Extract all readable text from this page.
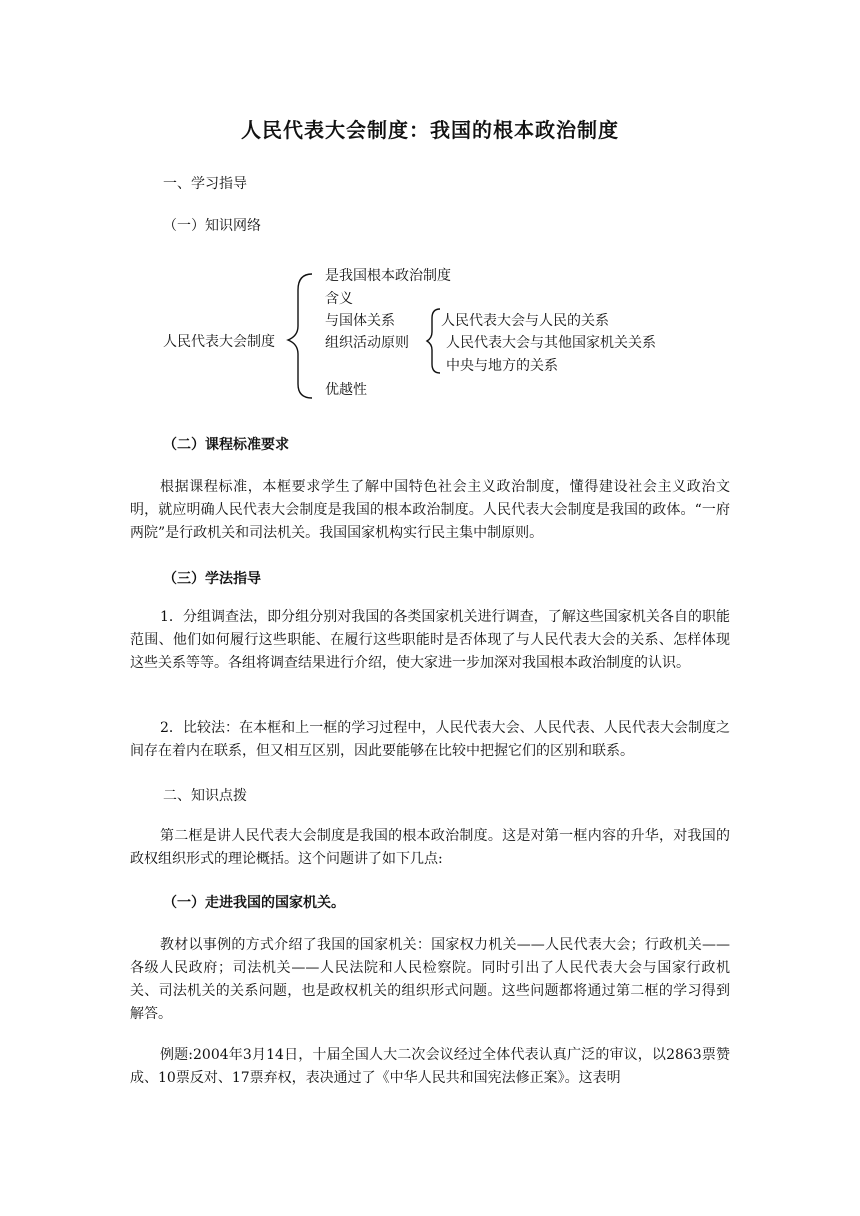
人民代表大会制度：我国的根本政治制度
一、学习指导
（一）知识网络
人民代表大会制度
是我国根本政治制度
含义
与国体关系
组织活动原则
优越性
人民代表大会与人民的关系
人民代表大会与其他国家机关关系
中央与地方的关系
（二）课程标准要求

根据课程标准，本框要求学生了解中国特色社会主义政治制度，懂得建设社会主义政治文明，就应明确人民代表大会制度是我国的根本政治制度。人民代表大会制度是我国的政体。“一府两院”是行政机关和司法机关。我国国家机构实行民主集中制原则。

（三）学法指导

1．分组调查法，即分组分别对我国的各类国家机关进行调查，了解这些国家机关各自的职能范围、他们如何履行这些职能、在履行这些职能时是否体现了与人民代表大会的关系、怎样体现这些关系等等。各组将调查结果进行介绍，使大家进一步加深对我国根本政治制度的认识。

2．比较法：在本框和上一框的学习过程中，人民代表大会、人民代表、人民代表大会制度之间存在着内在联系，但又相互区别，因此要能够在比较中把握它们的区别和联系。

二、知识点拨

第二框是讲人民代表大会制度是我国的根本政治制度。这是对第一框内容的升华，对我国的政权组织形式的理论概括。这个问题讲了如下几点:

（一）走进我国的国家机关。

教材以事例的方式介绍了我国的国家机关：国家权力机关——人民代表大会；行政机关——各级人民政府；司法机关——人民法院和人民检察院。同时引出了人民代表大会与国家行政机关、司法机关的关系问题，也是政权机关的组织形式问题。这些问题都将通过第二框的学习得到解答。

例题:2004年3月14日，十届全国人大二次会议经过全体代表认真广泛的审议，以2863票赞成、10票反对、17票弃权，表决通过了《中华人民共和国宪法修正案》。这表明
